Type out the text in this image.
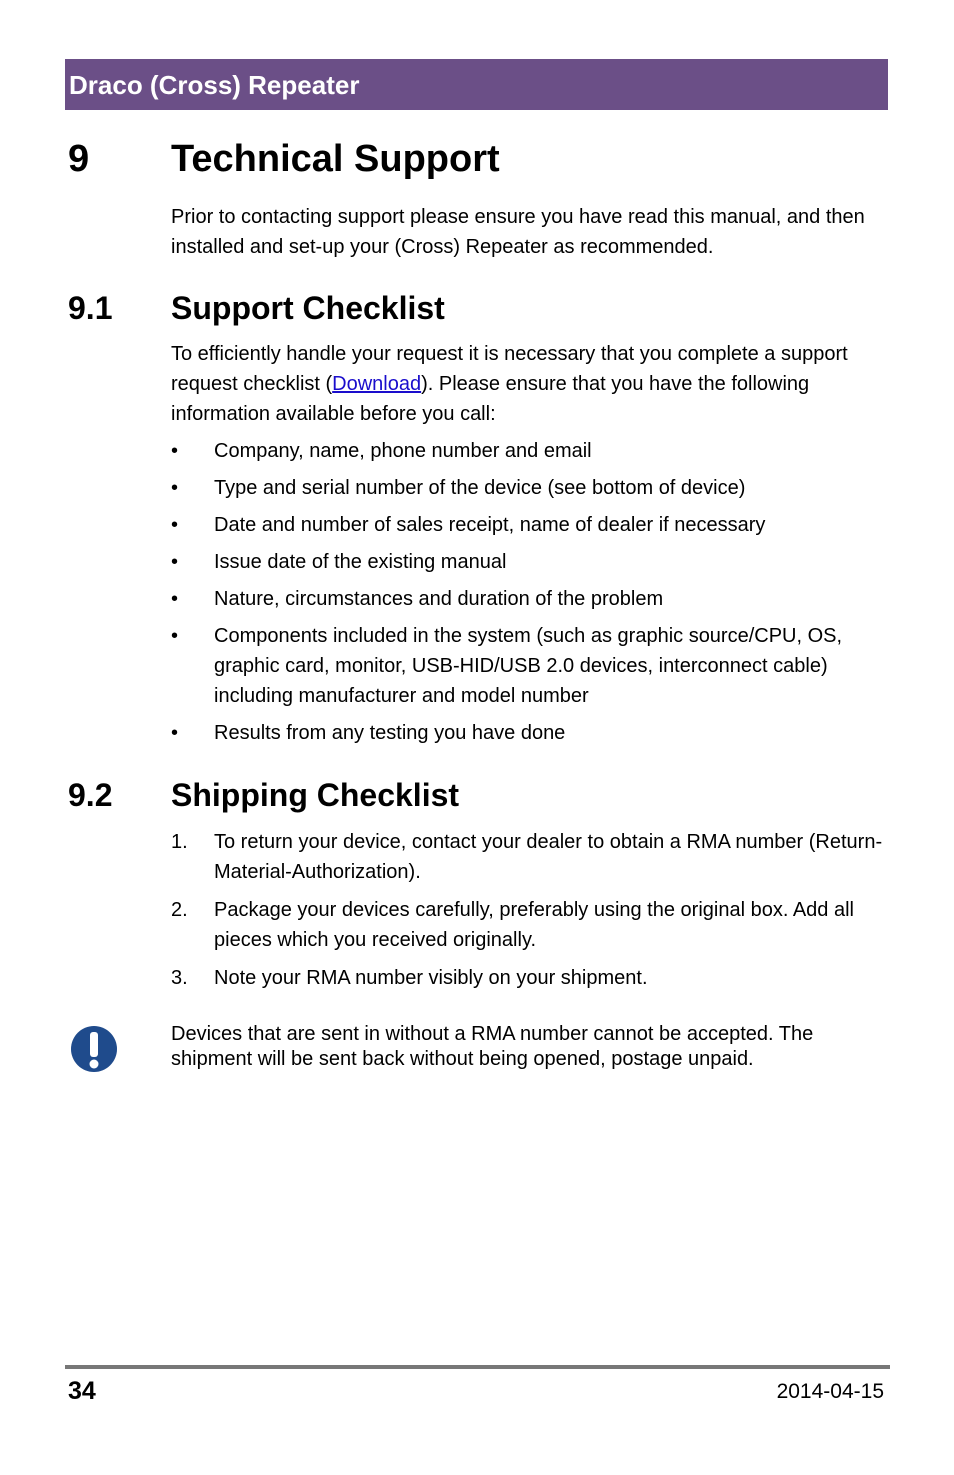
Draco (Cross) Repeater
9 Technical Support
Prior to contacting support please ensure you have read this manual, and then installed and set-up your (Cross) Repeater as recommended.
9.1 Support Checklist
To efficiently handle your request it is necessary that you complete a support request checklist (Download). Please ensure that you have the following information available before you call:
•	Company, name, phone number and email
•	Type and serial number of the device (see bottom of device)
•	Date and number of sales receipt, name of dealer if necessary
•	Issue date of the existing manual
•	Nature, circumstances and duration of the problem
•	Components included in the system (such as graphic source/CPU, OS, graphic card, monitor, USB-HID/USB 2.0 devices, interconnect cable) including manufacturer and model number
•	Results from any testing you have done
9.2 Shipping Checklist
1.	To return your device, contact your dealer to obtain a RMA number (Return-Material-Authorization).
2.	Package your devices carefully, preferably using the original box. Add all pieces which you received originally.
3.	Note your RMA number visibly on your shipment.
Devices that are sent in without a RMA number cannot be accepted. The shipment will be sent back without being opened, postage unpaid.
34	2014-04-15
